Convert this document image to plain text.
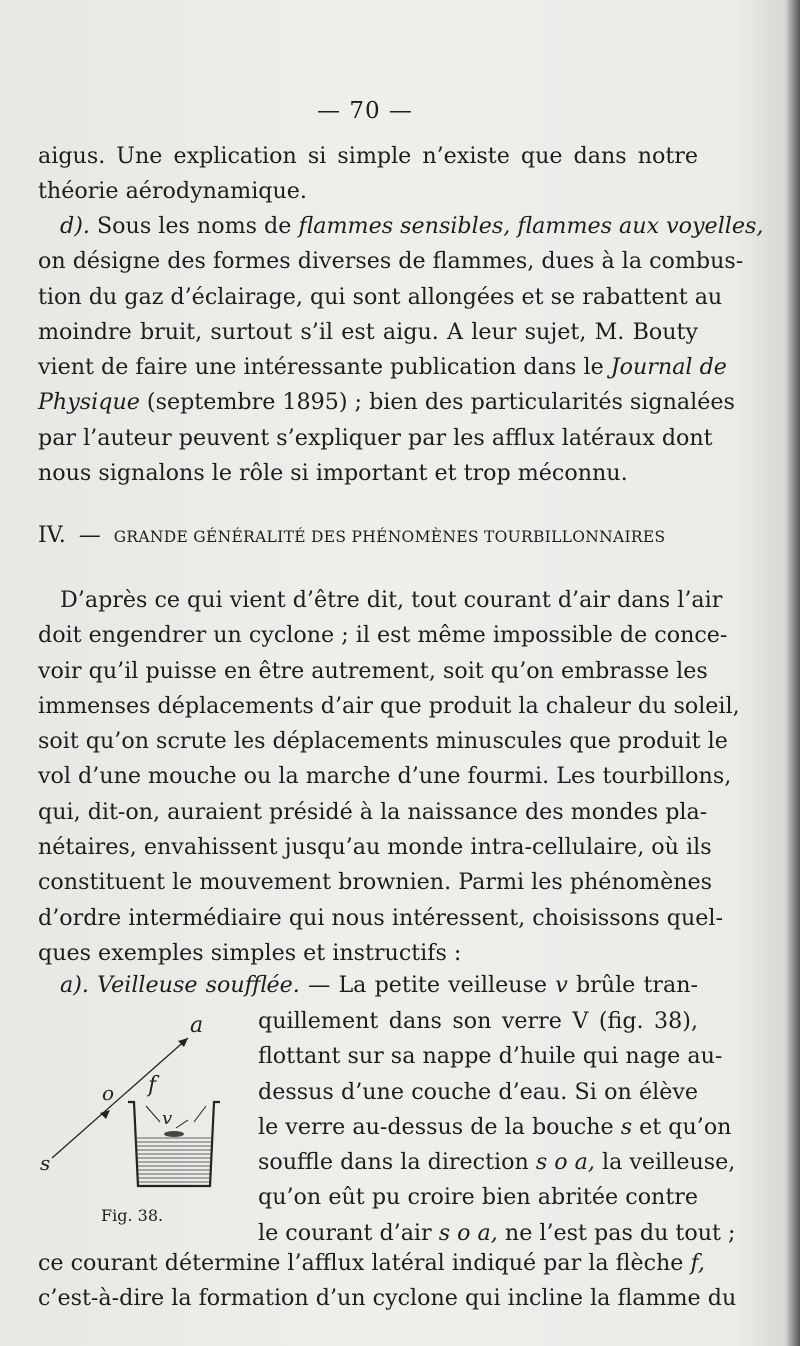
— 70 —
aigus. Une explication si simple n’existe que dans notre
théorie aérodynamique.
d). Sous les noms de flammes sensibles, flammes aux voyelles,
on désigne des formes diverses de flammes, dues à la combus-
tion du gaz d’éclairage, qui sont allongées et se rabattent au
moindre bruit, surtout s’il est aigu. A leur sujet, M. Bouty
vient de faire une intéressante publication dans le Journal de
Physique (septembre 1895) ; bien des particularités signalées
par l’auteur peuvent s’expliquer par les afflux latéraux dont
nous signalons le rôle si important et trop méconnu.
IV. — GRANDE GÉNÉRALITÉ DES PHÉNOMÈNES TOURBILLONNAIRES
D’après ce qui vient d’être dit, tout courant d’air dans l’air
doit engendrer un cyclone ; il est même impossible de conce-
voir qu’il puisse en être autrement, soit qu’on embrasse les
immenses déplacements d’air que produit la chaleur du soleil,
soit qu’on scrute les déplacements minuscules que produit le
vol d’une mouche ou la marche d’une fourmi. Les tourbillons,
qui, dit-on, auraient présidé à la naissance des mondes pla-
nétaires, envahissent jusqu’au monde intra-cellulaire, où ils
constituent le mouvement brownien. Parmi les phénomènes
d’ordre intermédiaire qui nous intéressent, choisissons quel-
ques exemples simples et instructifs :
a). Veilleuse soufflée. — La petite veilleuse v brûle tran-
quillement dans son verre V (fig. 38),
flottant sur sa nappe d’huile qui nage au-
dessus d’une couche d’eau. Si on élève
le verre au-dessus de la bouche s et qu’on
souffle dans la direction s o a, la veilleuse,
qu’on eût pu croire bien abritée contre
le courant d’air s o a, ne l’est pas du tout ;
a
o f
v
s
Fig. 38.
ce courant détermine l’afflux latéral indiqué par la flèche f,
c’est-à-dire la formation d’un cyclone qui incline la flamme du
